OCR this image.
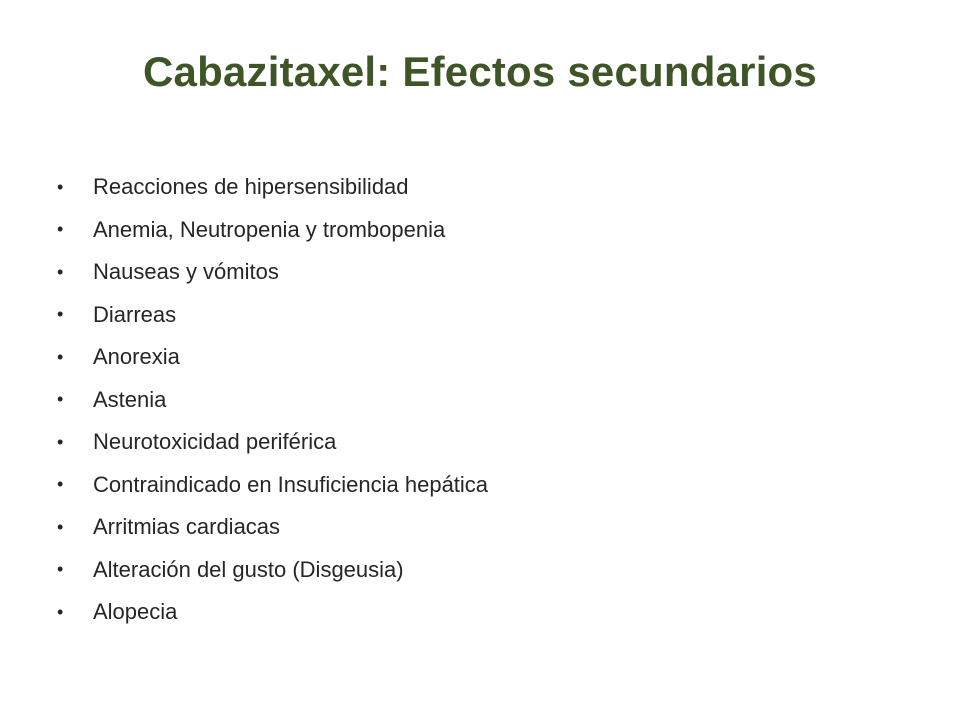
Cabazitaxel: Efectos secundarios
•	Reacciones de hipersensibilidad
•	Anemia, Neutropenia y trombopenia
•	Nauseas y vómitos
•	Diarreas
•	Anorexia
•	Astenia
•	Neurotoxicidad periférica
•	Contraindicado en Insuficiencia hepática
•	Arritmias cardiacas
•	Alteración del gusto (Disgeusia)
•	Alopecia
